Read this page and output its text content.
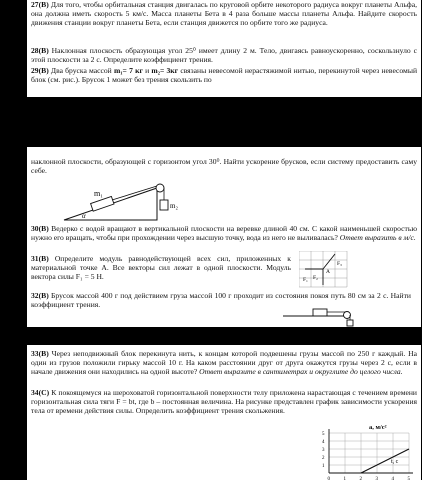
27(В) Для того, чтобы орбитальная станция двигалась по круговой орбите некоторого радиуса вокруг планеты Альфа, она должна иметь скорость 5 км/с. Масса планеты Бета в 4 раза больше массы планеты Альфа. Найдите скорость движения станции вокруг планеты Бета, если станция движется по орбите того же радиуса.
28(В) Наклонная плоскость образующая угол 25⁰ имеет длину 2 м. Тело, двигаясь равноускоренно, соскользнуло с этой плоскости за 2 с. Определите коэффициент трения.
29(В) Два бруска массой m₁= 7 кг и m₂= 3кг связаны невесомой нерастяжимой нитью, перекинутой через невесомый блок (см. рис.). Брусок 1 может без трения скользить по
наклонной плоскости, образующей с горизонтом угол 30⁰. Найти ускорение брусков, если систему предоставить саму себе.
m₁
m₂
α
30(В) Ведерко с водой вращают в вертикальной плоскости на веревке длиной 40 см. С какой наименьшей скоростью нужно его вращать, чтобы при прохождении через высшую точку, вода из него не выливалась? Ответ выразить в м/с.
31(В) Определите модуль равнодействующей всех сил, приложенных к материальной точке A. Все векторы сил лежат в одной плоскости. Модуль вектора силы F₁ = 5 Н.	F₁ F₂
F₃
A
32(В) Брусок массой 400 г под действием груза массой 100 г проходит из состояния покоя путь 80 см за 2 с. Найти коэффициент трения.
33(В) Через неподвижный блок перекинута нить, к концам которой подвешены грузы массой по 250 г каждый. На один из грузов положили гирьку массой 10 г. На каком расстоянии друг от друга окажутся грузы через 2 с, если в начале движения они находились на одной высоте? Ответ выразите в сантиметрах и округлите до целого числа.
34(С) К покоящемуся на шероховатой горизонтальной поверхности телу приложена нарастающая с течением времени горизонтальная сила тяги F = bt, где b – постоянная величина. На рисунке представлен график зависимости ускорения тела от времени действия силы. Определить коэффициент трения скольжения.
1
2
3
4
5
0	1	2	3	4	5
a, м/с²
t, с
